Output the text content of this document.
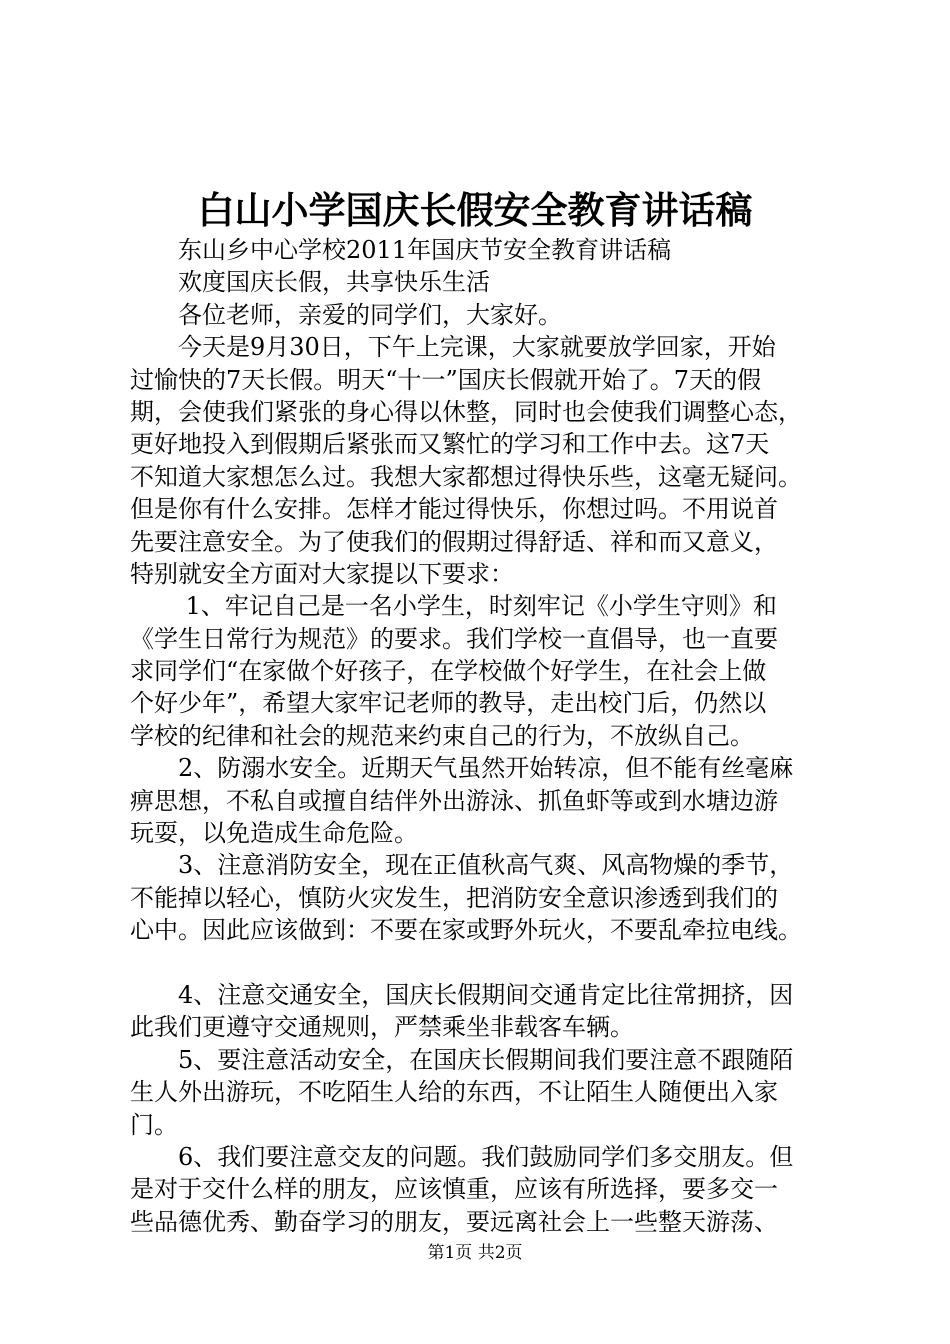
白山小学国庆长假安全教育讲话稿
　　东山乡中心学校2011年国庆节安全教育讲话稿
　　欢度国庆长假，共享快乐生活
　　各位老师，亲爱的同学们，大家好。
　　今天是9月30日，下午上完课，大家就要放学回家，开始
过愉快的7天长假。明天“十一”国庆长假就开始了。7天的假
期，会使我们紧张的身心得以休整，同时也会使我们调整心态，
更好地投入到假期后紧张而又繁忙的学习和工作中去。这7天
不知道大家想怎么过。我想大家都想过得快乐些，这毫无疑问。
但是你有什么安排。怎样才能过得快乐，你想过吗。不用说首
先要注意安全。为了使我们的假期过得舒适、祥和而又意义，
特别就安全方面对大家提以下要求：
　　 1、牢记自己是一名小学生，时刻牢记《小学生守则》和
《学生日常行为规范》的要求。我们学校一直倡导，也一直要
求同学们“在家做个好孩子，在学校做个好学生，在社会上做
个好少年”，希望大家牢记老师的教导，走出校门后，仍然以
学校的纪律和社会的规范来约束自己的行为，不放纵自己。
　　2、防溺水安全。近期天气虽然开始转凉，但不能有丝毫麻
痹思想，不私自或擅自结伴外出游泳、抓鱼虾等或到水塘边游
玩耍，以免造成生命危险。
　　3、注意消防安全，现在正值秋高气爽、风高物燥的季节，
不能掉以轻心，慎防火灾发生，把消防安全意识渗透到我们的
心中。因此应该做到：不要在家或野外玩火，不要乱牵拉电线。
　　4、注意交通安全，国庆长假期间交通肯定比往常拥挤，因
此我们更遵守交通规则，严禁乘坐非载客车辆。
　　5、要注意活动安全，在国庆长假期间我们要注意不跟随陌
生人外出游玩，不吃陌生人给的东西，不让陌生人随便出入家
门。
　　6、我们要注意交友的问题。我们鼓励同学们多交朋友。但
是对于交什么样的朋友，应该慎重，应该有所选择，要多交一
些品德优秀、勤奋学习的朋友，要远离社会上一些整天游荡、
第1页 共2页
